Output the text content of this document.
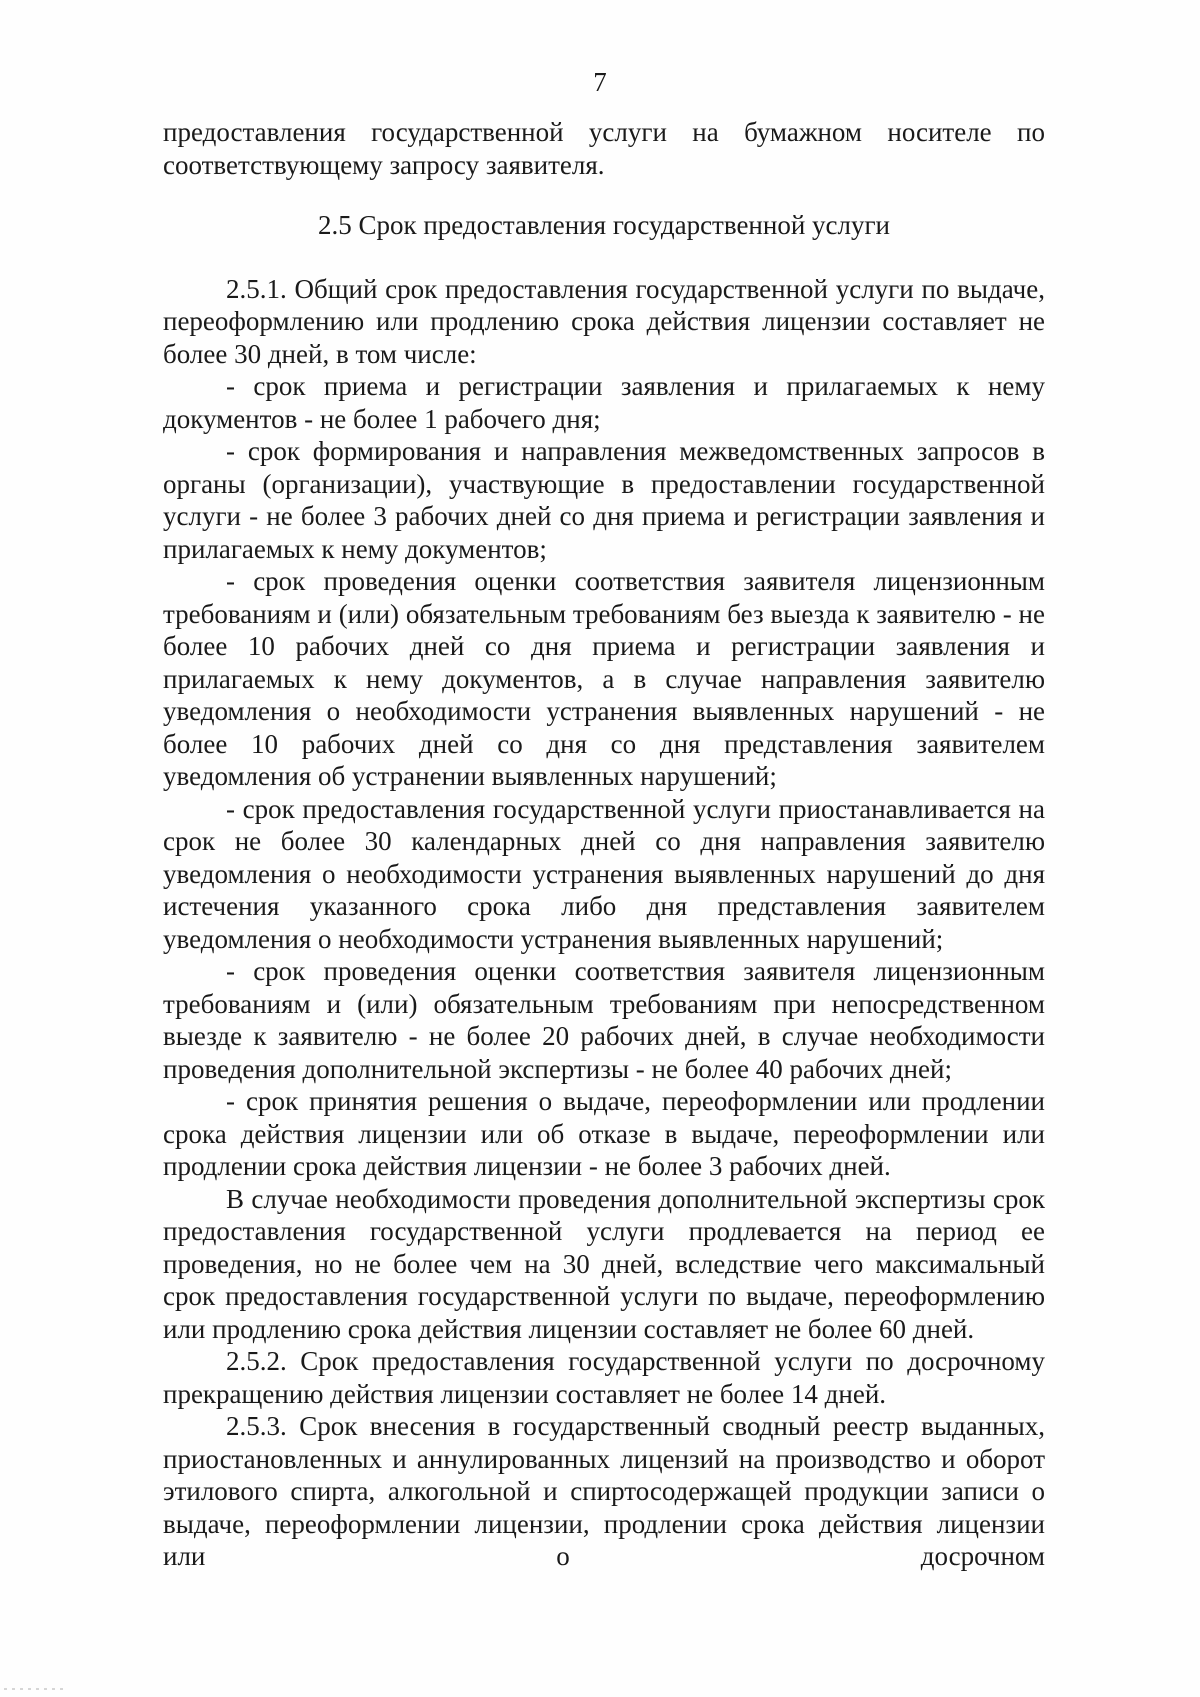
7

предоставления государственной услуги на бумажном носителе по соответствующему запросу заявителя.

2.5 Срок предоставления государственной услуги

2.5.1. Общий срок предоставления государственной услуги по выдаче, переоформлению или продлению срока действия лицензии составляет не более 30 дней, в том числе:

- срок приема и регистрации заявления и прилагаемых к нему документов - не более 1 рабочего дня;

- срок формирования и направления межведомственных запросов в органы (организации), участвующие в предоставлении государственной услуги - не более 3 рабочих дней со дня приема и регистрации заявления и прилагаемых к нему документов;

- срок проведения оценки соответствия заявителя лицензионным требованиям и (или) обязательным требованиям без выезда к заявителю - не более 10 рабочих дней со дня приема и регистрации заявления и прилагаемых к нему документов, а в случае направления заявителю уведомления о необходимости устранения выявленных нарушений - не более 10 рабочих дней со дня со дня представления заявителем уведомления об устранении выявленных нарушений;

- срок предоставления государственной услуги приостанавливается на срок не более 30 календарных дней со дня направления заявителю уведомления о необходимости устранения выявленных нарушений до дня истечения указанного срока либо дня представления заявителем уведомления о необходимости устранения выявленных нарушений;

- срок проведения оценки соответствия заявителя лицензионным требованиям и (или) обязательным требованиям при непосредственном выезде к заявителю - не более 20 рабочих дней, в случае необходимости проведения дополнительной экспертизы - не более 40 рабочих дней;

- срок принятия решения о выдаче, переоформлении или продлении срока действия лицензии или об отказе в выдаче, переоформлении или продлении срока действия лицензии - не более 3 рабочих дней.

В случае необходимости проведения дополнительной экспертизы срок предоставления государственной услуги продлевается на период ее проведения, но не более чем на 30 дней, вследствие чего максимальный срок предоставления государственной услуги по выдаче, переоформлению или продлению срока действия лицензии составляет не более 60 дней.

2.5.2. Срок предоставления государственной услуги по досрочному прекращению действия лицензии составляет не более 14 дней.

2.5.3. Срок внесения в государственный сводный реестр выданных, приостановленных и аннулированных лицензий на производство и оборот этилового спирта, алкогольной и спиртосодержащей продукции записи о выдаче, переоформлении лицензии, продлении срока действия лицензии или о досрочном
